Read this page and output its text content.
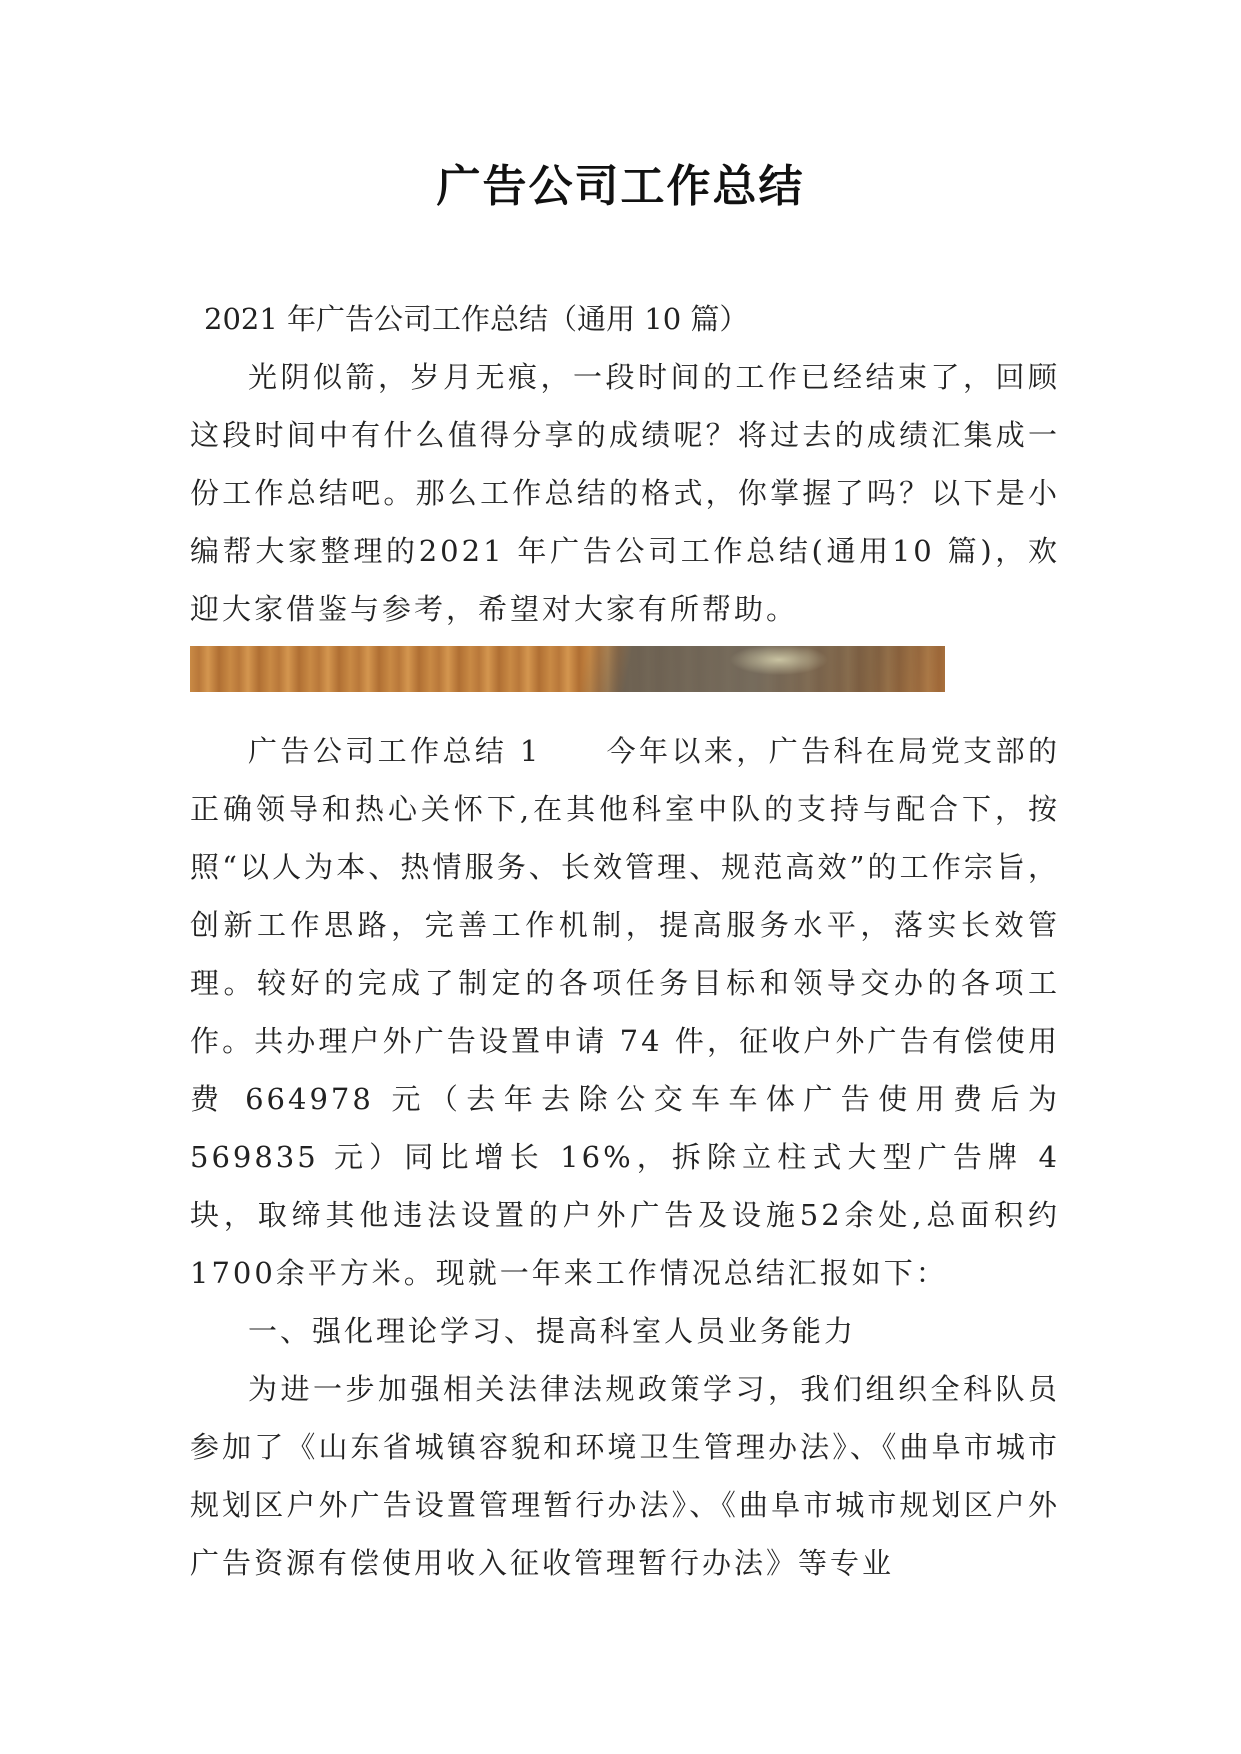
广告公司工作总结

2021 年广告公司工作总结（通用 10 篇）

光阴似箭，岁月无痕，一段时间的工作已经结束了，回顾这段时间中有什么值得分享的成绩呢？将过去的成绩汇集成一份工作总结吧。那么工作总结的格式，你掌握了吗？以下是小编帮大家整理的2021 年广告公司工作总结(通用10 篇)，欢迎大家借鉴与参考，希望对大家有所帮助。

广告公司工作总结 1　　今年以来，广告科在局党支部的正确领导和热心关怀下,在其他科室中队的支持与配合下，按照“以人为本、热情服务、长效管理、规范高效”的工作宗旨，创新工作思路，完善工作机制，提高服务水平，落实长效管理。较好的完成了制定的各项任务目标和领导交办的各项工作。共办理户外广告设置申请 74 件，征收户外广告有偿使用费 664978 元（去年去除公交车车体广告使用费后为 569835 元）同比增长 16%，拆除立柱式大型广告牌 4 块，取缔其他违法设置的户外广告及设施52余处,总面积约1700余平方米。现就一年来工作情况总结汇报如下：

一、强化理论学习、提高科室人员业务能力

为进一步加强相关法律法规政策学习，我们组织全科队员参加了《山东省城镇容貌和环境卫生管理办法》、《曲阜市城市规划区户外广告设置管理暂行办法》、《曲阜市城市规划区户外广告资源有偿使用收入征收管理暂行办法》等专业
